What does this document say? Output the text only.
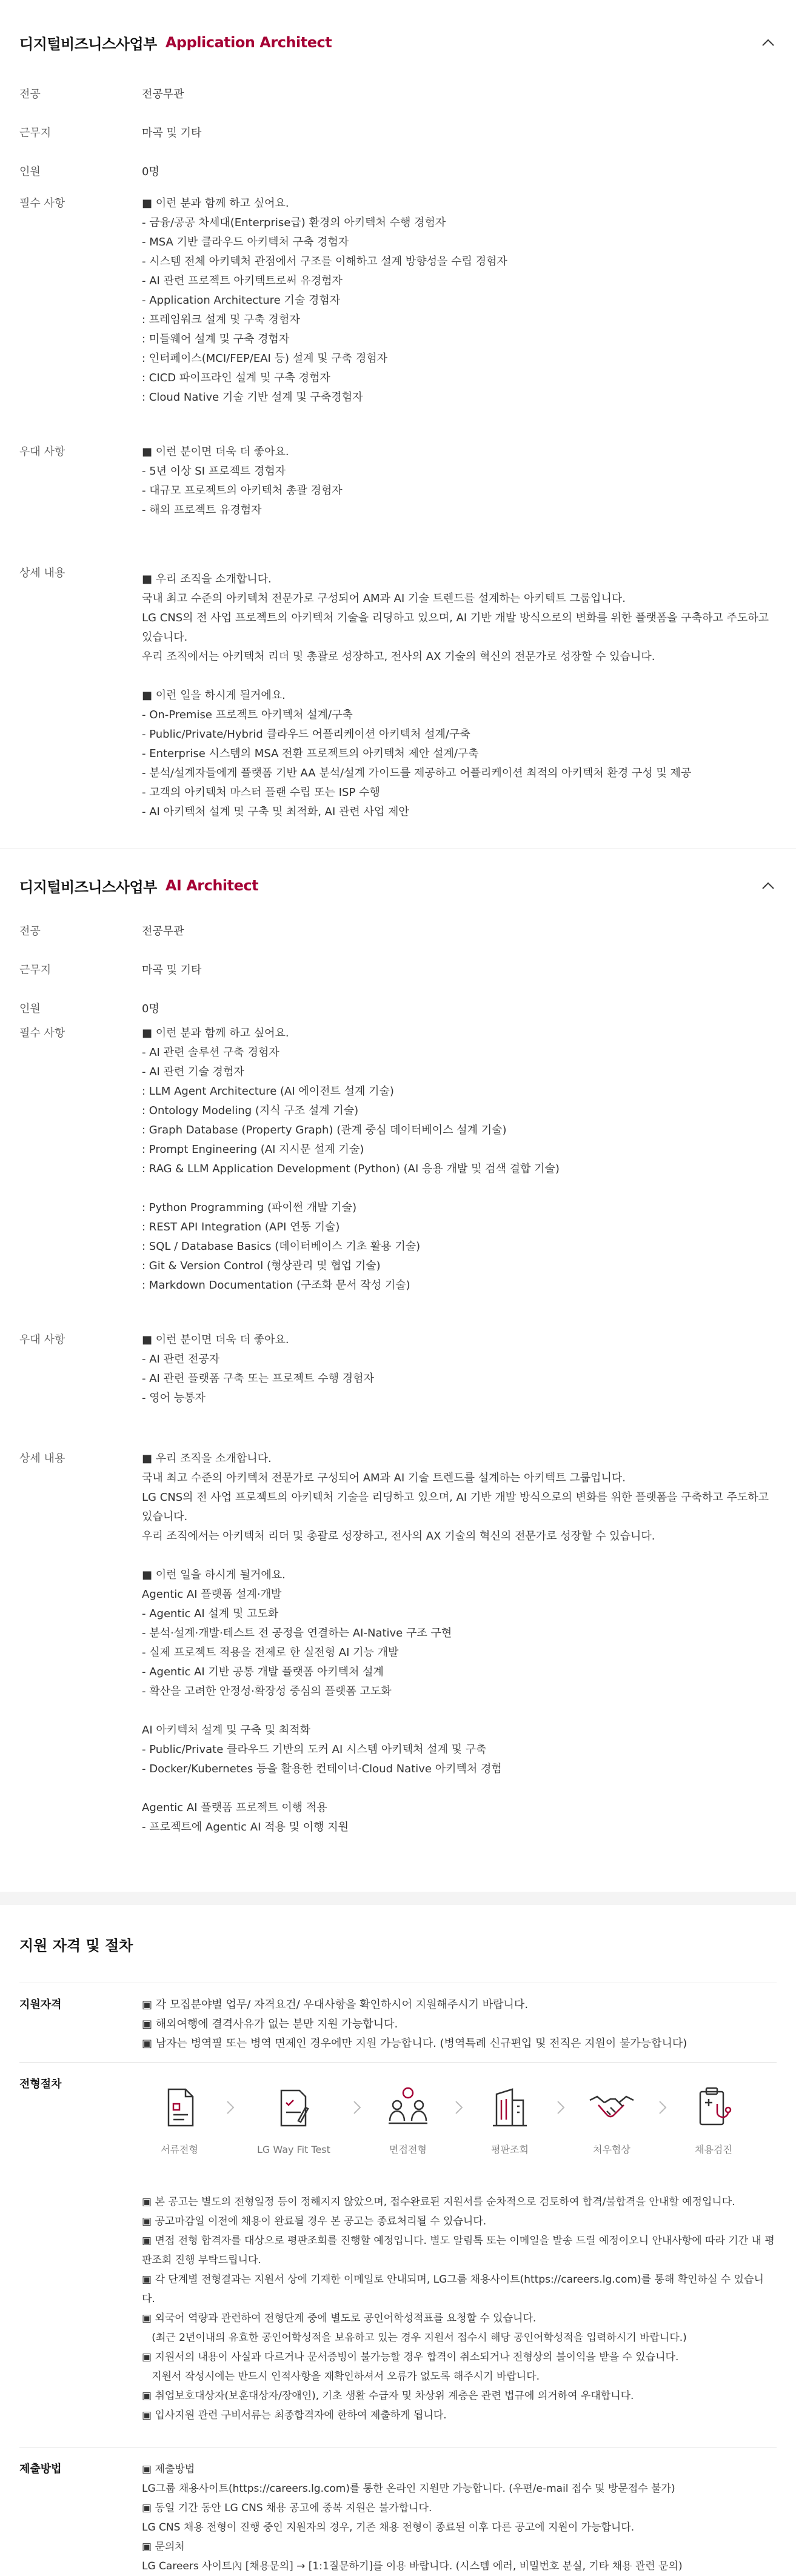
디지털비즈니스사업부 Application Architect
전공	전공무관
근무지	마곡 및 기타
인원	0명
필수 사항	■ 이런 분과 함께 하고 싶어요.
- 금융/공공 차세대(Enterprise급) 환경의 아키텍처 수행 경험자
- MSA 기반 클라우드 아키텍처 구축 경험자
- 시스템 전체 아키텍처 관점에서 구조를 이해하고 설계 방향성을 수립 경험자
- AI 관련 프로젝트 아키텍트로써 유경험자
- Application Architecture 기술 경험자
: 프레임워크 설계 및 구축 경험자
: 미들웨어 설계 및 구축 경험자
: 인터페이스(MCI/FEP/EAI 등) 설계 및 구축 경험자
: CICD 파이프라인 설계 및 구축 경험자
: Cloud Native 기술 기반 설계 및 구축경험자
우대 사항	■ 이런 분이면 더욱 더 좋아요.
- 5년 이상 SI 프로젝트 경험자
- 대규모 프로젝트의 아키텍처 총괄 경험자
- 해외 프로젝트 유경험자
상세 내용	■ 우리 조직을 소개합니다.
국내 최고 수준의 아키텍처 전문가로 구성되어 AM과 AI 기술 트렌드를 설계하는 아키텍트 그룹입니다.
LG CNS의 전 사업 프로젝트의 아키텍처 기술을 리딩하고 있으며, AI 기반 개발 방식으로의 변화를 위한 플랫폼을 구축하고 주도하고 있습니다.
우리 조직에서는 아키텍처 리더 및 총괄로 성장하고, 전사의 AX 기술의 혁신의 전문가로 성장할 수 있습니다.
■ 이런 일을 하시게 될거에요.
- On-Premise 프로젝트 아키텍처 설계/구축
- Public/Private/Hybrid 클라우드 어플리케이션 아키텍처 설계/구축
- Enterprise 시스템의 MSA 전환 프로젝트의 아키텍처 제안 설계/구축
- 분석/설계자들에게 플랫폼 기반 AA 분석/설계 가이드를 제공하고 어플리케이션 최적의 아키텍처 환경 구성 및 제공
- 고객의 아키텍처 마스터 플랜 수립 또는 ISP 수행
- AI 아키텍처 설계 및 구축 및 최적화, AI 관련 사업 제안
디지털비즈니스사업부 AI Architect
전공	전공무관
근무지	마곡 및 기타
인원	0명
필수 사항	■ 이런 분과 함께 하고 싶어요.
- AI 관련 솔루션 구축 경험자
- AI 관련 기술 경험자
: LLM Agent Architecture (AI 에이전트 설계 기술)
: Ontology Modeling (지식 구조 설계 기술)
: Graph Database (Property Graph) (관계 중심 데이터베이스 설계 기술)
: Prompt Engineering (AI 지시문 설계 기술)
: RAG & LLM Application Development (Python) (AI 응용 개발 및 검색 결합 기술)
: Python Programming (파이썬 개발 기술)
: REST API Integration (API 연동 기술)
: SQL / Database Basics (데이터베이스 기초 활용 기술)
: Git & Version Control (형상관리 및 협업 기술)
: Markdown Documentation (구조화 문서 작성 기술)
우대 사항	■ 이런 분이면 더욱 더 좋아요.
- AI 관련 전공자
- AI 관련 플랫폼 구축 또는 프로젝트 수행 경험자
- 영어 능통자
상세 내용	■ 우리 조직을 소개합니다.
국내 최고 수준의 아키텍처 전문가로 구성되어 AM과 AI 기술 트렌드를 설계하는 아키텍트 그룹입니다.
LG CNS의 전 사업 프로젝트의 아키텍처 기술을 리딩하고 있으며, AI 기반 개발 방식으로의 변화를 위한 플랫폼을 구축하고 주도하고 있습니다.
우리 조직에서는 아키텍처 리더 및 총괄로 성장하고, 전사의 AX 기술의 혁신의 전문가로 성장할 수 있습니다.
■ 이런 일을 하시게 될거에요.
Agentic AI 플랫폼 설계·개발
- Agentic AI 설계 및 고도화
- 분석·설계·개발·테스트 전 공정을 연결하는 AI-Native 구조 구현
- 실제 프로젝트 적용을 전제로 한 실전형 AI 기능 개발
- Agentic AI 기반 공통 개발 플랫폼 아키텍처 설계
- 확산을 고려한 안정성·확장성 중심의 플랫폼 고도화
AI 아키텍처 설계 및 구축 및 최적화
- Public/Private 클라우드 기반의 도커 AI 시스템 아키텍처 설계 및 구축
- Docker/Kubernetes 등을 활용한 컨테이너·Cloud Native 아키텍처 경험
Agentic AI 플랫폼 프로젝트 이행 적용
- 프로젝트에 Agentic AI 적용 및 이행 지원
지원 자격 및 절차
지원자격	▣ 각 모집분야별 업무/ 자격요건/ 우대사항을 확인하시어 지원해주시기 바랍니다.
▣ 해외여행에 결격사유가 없는 분만 지원 가능합니다.
▣ 남자는 병역필 또는 병역 면제인 경우에만 지원 가능합니다. (병역특례 신규편입 및 전직은 지원이 불가능합니다)
전형절차
서류전형	LG Way Fit Test	면접전형	평판조회	처우협상	채용검진
▣ 본 공고는 별도의 전형일정 등이 정해지지 않았으며, 접수완료된 지원서를 순차적으로 검토하여 합격/불합격을 안내할 예정입니다.
▣ 공고마감일 이전에 채용이 완료될 경우 본 공고는 종료처리될 수 있습니다.
▣ 면접 전형 합격자를 대상으로 평판조회를 진행할 예정입니다. 별도 알림톡 또는 이메일을 발송 드릴 예정이오니 안내사항에 따라 기간 내 평판조회 진행 부탁드립니다.
▣ 각 단계별 전형결과는 지원서 상에 기재한 이메일로 안내되며, LG그룹 채용사이트(https://careers.lg.com)를 통해 확인하실 수 있습니다.
▣ 외국어 역량과 관련하여 전형단계 중에 별도로 공인어학성적표를 요청할 수 있습니다.
(최근 2년이내의 유효한 공인어학성적을 보유하고 있는 경우 지원서 접수시 해당 공인어학성적을 입력하시기 바랍니다.)
▣ 지원서의 내용이 사실과 다르거나 문서증빙이 불가능할 경우 합격이 취소되거나 전형상의 불이익을 받을 수 있습니다.
지원서 작성시에는 반드시 인적사항을 재확인하셔서 오류가 없도록 해주시기 바랍니다.
▣ 취업보호대상자(보훈대상자/장애인), 기초 생활 수급자 및 차상위 계층은 관련 법규에 의거하여 우대합니다.
▣ 입사지원 관련 구비서류는 최종합격자에 한하여 제출하게 됩니다.
제출방법	▣ 제출방법
LG그룹 채용사이트(https://careers.lg.com)를 통한 온라인 지원만 가능합니다. (우편/e-mail 접수 및 방문접수 불가)
▣ 동일 기간 동안 LG CNS 채용 공고에 중복 지원은 불가합니다.
LG CNS 채용 전형이 진행 중인 지원자의 경우, 기존 채용 전형이 종료된 이후 다른 공고에 지원이 가능합니다.
▣ 문의처
LG Careers 사이트內 [채용문의] → [1:1질문하기]를 이용 바랍니다. (시스템 에러, 비밀번호 분실, 기타 채용 관련 문의)
